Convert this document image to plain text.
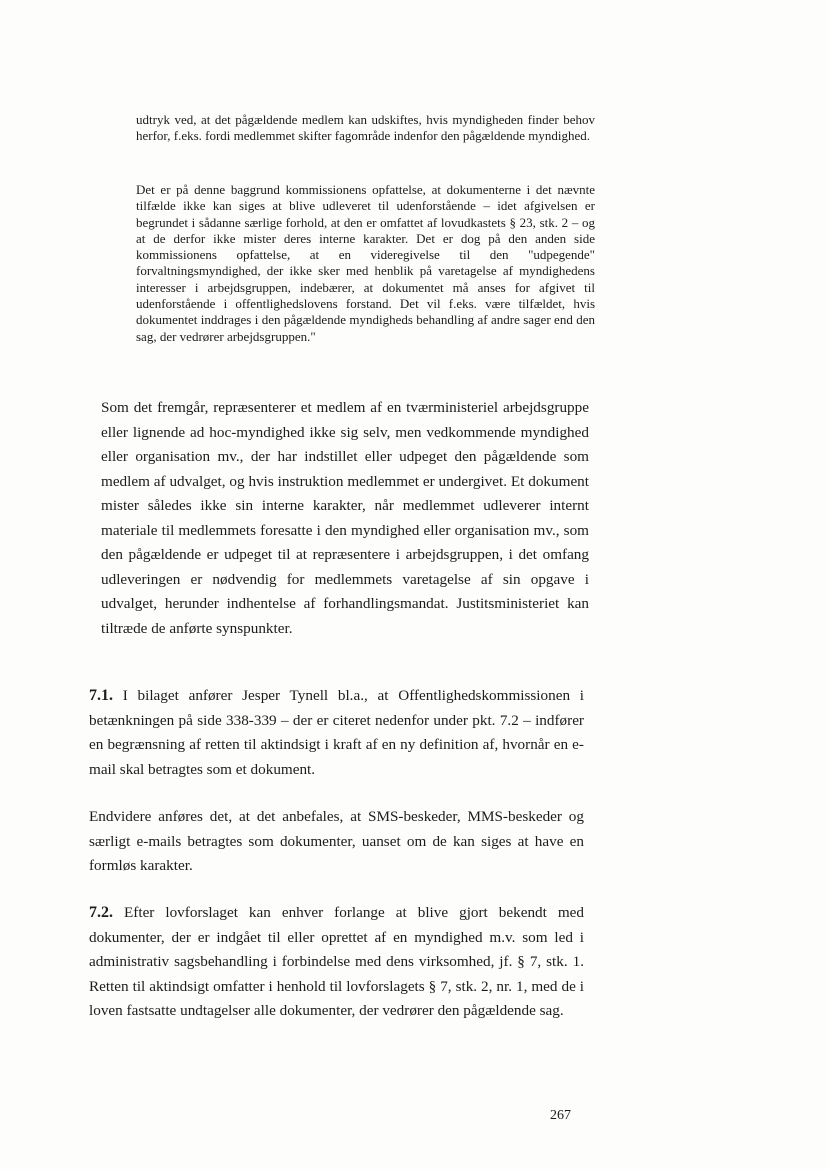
udtryk ved, at det pågældende medlem kan udskiftes, hvis myndigheden finder behov herfor, f.eks. fordi medlemmet skifter fagområde indenfor den pågældende myndighed.

Det er på denne baggrund kommissionens opfattelse, at dokumenterne i det nævnte tilfælde ikke kan siges at blive udleveret til udenforstående – idet afgivelsen er begrundet i sådanne særlige forhold, at den er omfattet af lovudkastets § 23, stk. 2 – og at de derfor ikke mister deres interne karakter. Det er dog på den anden side kommissionens opfattelse, at en videregivelse til den "udpegende" forvaltningsmyndighed, der ikke sker med henblik på varetagelse af myndighedens interesser i arbejdsgruppen, indebærer, at dokumentet må anses for afgivet til udenforstående i offentlighedslovens forstand. Det vil f.eks. være tilfældet, hvis dokumentet inddrages i den pågældende myndigheds behandling af andre sager end den sag, der vedrører arbejdsgruppen."

Som det fremgår, repræsenterer et medlem af en tværministeriel arbejdsgruppe eller lignende ad hoc-myndighed ikke sig selv, men vedkommende myndighed eller organisation mv., der har indstillet eller udpeget den pågældende som medlem af udvalget, og hvis instruktion medlemmet er undergivet. Et dokument mister således ikke sin interne karakter, når medlemmet udleverer internt materiale til medlemmets foresatte i den myndighed eller organisation mv., som den pågældende er udpeget til at repræsentere i arbejdsgruppen, i det omfang udleveringen er nødvendig for medlemmets varetagelse af sin opgave i udvalget, herunder indhentelse af forhandlingsmandat. Justitsministeriet kan tiltræde de anførte synspunkter.

7.1. I bilaget anfører Jesper Tynell bl.a., at Offentlighedskommissionen i betænkningen på side 338-339 – der er citeret nedenfor under pkt. 7.2 – indfører en begrænsning af retten til aktindsigt i kraft af en ny definition af, hvornår en e-mail skal betragtes som et dokument.

Endvidere anføres det, at det anbefales, at SMS-beskeder, MMS-beskeder og særligt e-mails betragtes som dokumenter, uanset om de kan siges at have en formløs karakter.

7.2. Efter lovforslaget kan enhver forlange at blive gjort bekendt med dokumenter, der er indgået til eller oprettet af en myndighed m.v. som led i administrativ sagsbehandling i forbindelse med dens virksomhed, jf. § 7, stk. 1. Retten til aktindsigt omfatter i henhold til lovforslagets § 7, stk. 2, nr. 1, med de i loven fastsatte undtagelser alle dokumenter, der vedrører den pågældende sag.

267
